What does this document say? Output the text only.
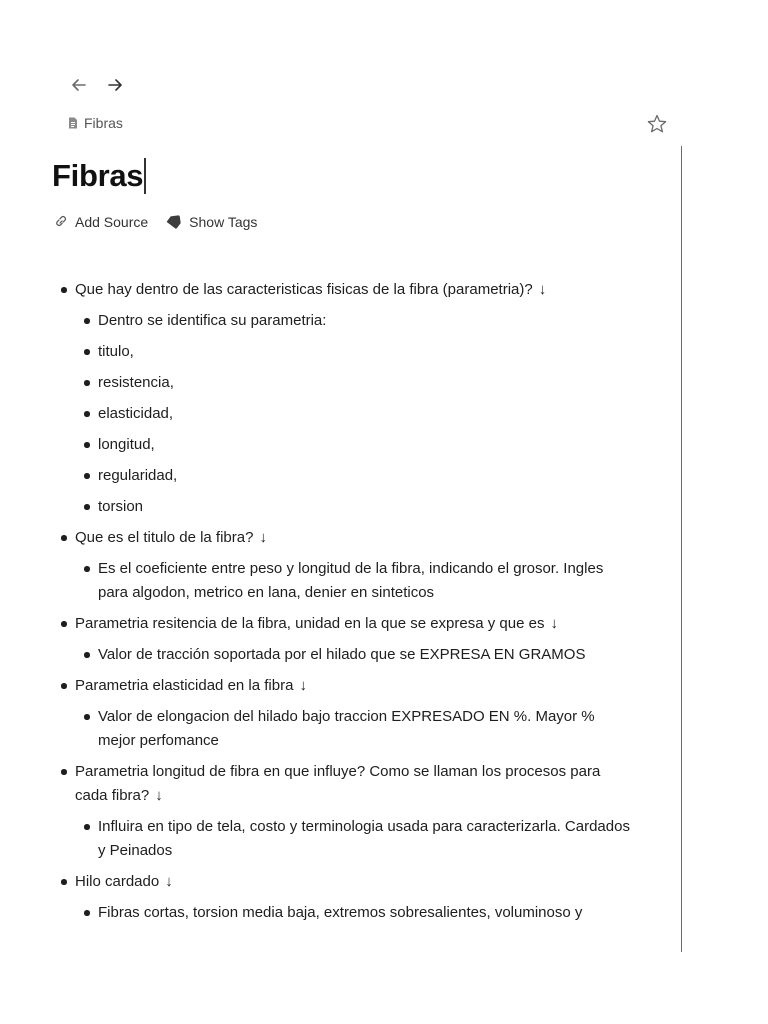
Fibras
Fibras
Add Source	Show Tags
Que hay dentro de las caracteristicas fisicas de la fibra (parametria)? ↓
Dentro se identifica su parametria:
titulo,
resistencia,
elasticidad,
longitud,
regularidad,
torsion
Que es el titulo de la fibra? ↓
Es el coeficiente entre peso y longitud de la fibra, indicando el grosor. Ingles para algodon, metrico en lana, denier en sinteticos
Parametria resitencia de la fibra, unidad en la que se expresa y que es ↓
Valor de tracción soportada por el hilado que se EXPRESA EN GRAMOS
Parametria elasticidad en la fibra ↓
Valor de elongacion del hilado bajo traccion EXPRESADO EN %. Mayor % mejor perfomance
Parametria longitud de fibra en que influye? Como se llaman los procesos para cada fibra? ↓
Influira en tipo de tela, costo y terminologia usada para caracterizarla. Cardados y Peinados
Hilo cardado ↓
Fibras cortas, torsion media baja, extremos sobresalientes, voluminoso y
